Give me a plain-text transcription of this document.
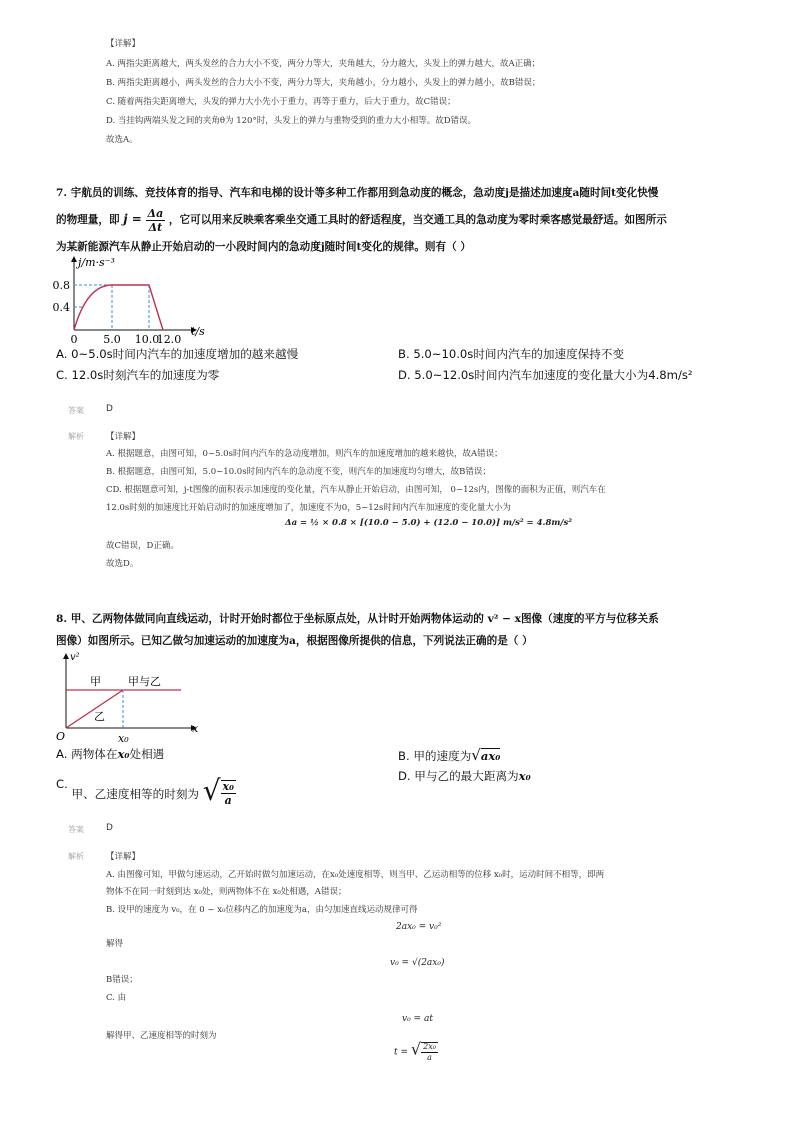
【详解】
A. 两指尖距离越大，两头发丝的合力大小不变，两分力等大，夹角越大，分力越大，头发上的弹力越大，故A正确；
B. 两指尖距离越小，两头发丝的合力大小不变，两分力等大，夹角越小，分力越小，头发上的弹力越小，故B错误；
C. 随着两指尖距离增大，头发的弹力大小先小于重力，再等于重力，后大于重力，故C错误；
D. 当挂钩两端头发之间的夹角θ为 120°时，头发上的弹力与重物受到的重力大小相等。故D错误。
故选A。
7. 宇航员的训练、竞技体育的指导、汽车和电梯的设计等多种工作都用到急动度的概念，急动度j是描述加速度a随时间t变化快慢
的物理量，即 $j = \frac{\Delta a}{\Delta t}$ ，它可以用来反映乘客乘坐交通工具时的舒适程度，当交通工具的急动度为零时乘客感觉最舒适。如图所示
为某新能源汽车从静止开始启动的一小段时间内的急动度j随时间t变化的规律。则有（ ）
j/m·s⁻³
0.8
0.4
0 5.0 10.0
12.0
t/s
A. 0~5.0s时间内汽车的加速度增加的越来越慢	B. 5.0~10.0s时间内汽车的加速度保持不变
C. 12.0s时刻汽车的加速度为零	D. 5.0~12.0s时间内汽车加速度的变化量大小为4.8m/s²
答案 D
解析	【详解】
A. 根据题意，由图可知，0~5.0s时间内汽车的急动度增加，则汽车的加速度增加的越来越快，故A错误；
B. 根据题意，由图可知，5.0~10.0s时间内汽车的急动度不变，则汽车的加速度均匀增大，故B错误；
CD. 根据题意可知，j-t图像的面积表示加速度的变化量，汽车从静止开始启动，由图可知， 0~12s内，图像的面积为正值，则汽车在
12.0s时刻的加速度比开始启动时的加速度增加了，加速度不为0，5~12s时间内汽车加速度的变化量大小为
Δa = ½ × 0.8 × [(10.0 − 5.0) + (12.0 − 10.0)] m/s² = 4.8m/s²
故C错误，D正确。
故选D。
8. 甲、乙两物体做同向直线运动，计时开始时都位于坐标原点处，从计时开始两物体运动的 v² − x图像（速度的平方与位移关系
图像）如图所示。已知乙做匀加速运动的加速度为a，根据图像所提供的信息，下列说法正确的是（ ）
v²
甲 甲与乙
乙
O	x₀
x
A. 两物体在x₀处相遇	B. 甲的速度为√ax₀
C. 甲、乙速度相等的时刻为 √ $\frac{\text{x₀}}{a}$
D. 甲与乙的最大距离为x₀
答案 D
解析	【详解】
A. 由图像可知，甲做匀速运动，乙开始时做匀加速运动，在x₀处速度相等，则当甲、乙运动相等的位移 x₀时，运动时间不相等，即两
物体不在同一时刻到达 x₀处，则两物体不在 x₀处相遇，A错误；
B. 设甲的速度为 v₀，在 0 ~ x₀位移内乙的加速度为a，由匀加速直线运动规律可得
2ax₀ = v₀²
解得
v₀ = √(2ax₀)
B错误；
C. 由
v₀ = at
解得甲、乙速度相等的时刻为
t = √ $\frac{\text{2x₀}}{a}$
